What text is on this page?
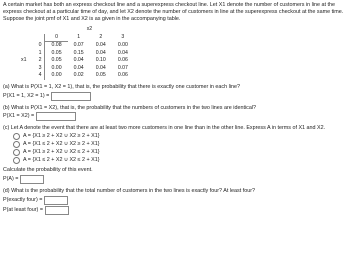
A certain market has both an express checkout line and a superexpress checkout line. Let X1 denote the number of customers in line at the express checkout at a particular time of day, and let X2 denote the number of customers in line at the superexpress checkout at the same time. Suppose the joint pmf of X1 and X2 is as given in the accompanying table.
		x2			
		0	1	2	3
	0	0.08	0.07	0.04	0.00
	1	0.05	0.15	0.04	0.04
x1	2	0.05	0.04	0.10	0.06
	3	0.00	0.04	0.04	0.07
	4	0.00	0.02	0.05	0.06
(a) What is P(X1 = 1, X2 = 1), that is, the probability that there is exactly one customer in each line?
P(X1 = 1, X2 = 1) =
(b) What is P(X1 = X2), that is, the probability that the numbers of customers in the two lines are identical?
P(X1 = X2) =
(c) Let A denote the event that there are at least two more customers in one line than in the other line. Express A in terms of X1 and X2.
A = {X1 ≥ 2 + X2 ∪ X2 ≥ 2 + X1}
A = {X1 ≤ 2 + X2 ∪ X2 ≥ 2 + X1}
A = {X1 ≥ 2 + X2 ∪ X2 ≤ 2 + X1}
A = {X1 ≤ 2 + X2 ∪ X2 ≤ 2 + X1}
Calculate the probability of this event.
P(A) =
(d) What is the probability that the total number of customers in the two lines is exactly four? At least four?
P(exactly four) =
P(at least four) =
